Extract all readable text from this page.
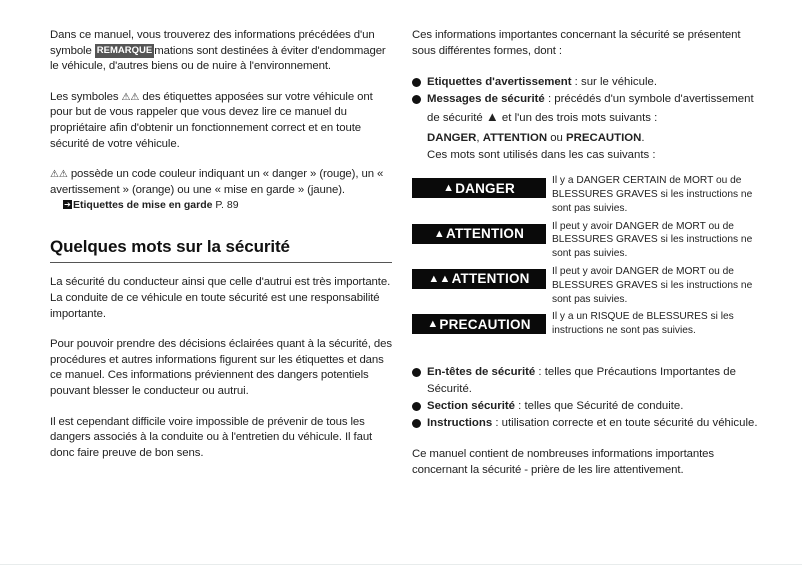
Dans ce manuel, vous trouverez des informations précédées d'un symbole REMARQUE mations sont destinées à éviter d'endommager le véhicule, d'autres biens ou de nuire à l'environnement.

Les symboles ⚠⚠ des étiquettes apposées sur votre véhicule ont pour but de vous rappeler que vous devez lire ce manuel du propriétaire afin d'obtenir un fonctionnement correct et en toute sécurité de votre véhicule.

⚠⚠ possède un code couleur indiquant un « danger » (rouge), un « avertissement » (orange) ou une « mise en garde » (jaune).

➔ Etiquettes de mise en garde P. 89
Quelques mots sur la sécurité

La sécurité du conducteur ainsi que celle d'autrui est très importante. La conduite de ce véhicule en toute sécurité est une responsabilité importante.

Pour pouvoir prendre des décisions éclairées quant à la sécurité, des procédures et autres informations figurent sur les étiquettes et dans ce manuel. Ces informations préviennent des dangers potentiels pouvant blesser le conducteur ou autrui.

Il est cependant difficile voire impossible de prévenir de tous les dangers associés à la conduite ou à l'entretien du véhicule. Il faut donc faire preuve de bon sens.

Ces informations importantes concernant la sécurité se présentent sous différentes formes, dont :

Etiquettes d'avertissement : sur le véhicule.
Messages de sécurité : précédés d'un symbole d'avertissement de sécurité ▲ et l'un des trois mots suivants :
DANGER, ATTENTION ou PRECAUTION.
Ces mots sont utilisés dans les cas suivants :
▲ DANGER	Il y a DANGER CERTAIN de MORT ou de BLESSURES GRAVES si les instructions ne sont pas suivies.
▲ ATTENTION	Il peut y avoir DANGER de MORT ou de BLESSURES GRAVES si les instructions ne sont pas suivies.
▲▲ ATTENTION Il peut y avoir DANGER de MORT ou de BLESSURES GRAVES si les instructions ne sont pas suivies.
▲ PRECAUTION Il y a un RISQUE de BLESSURES si les instructions ne sont pas suivies.
En-têtes de sécurité : telles que Précautions Importantes de Sécurité.
Section sécurité : telles que Sécurité de conduite.
Instructions : utilisation correcte et en toute sécurité du véhicule.

Ce manuel contient de nombreuses informations importantes concernant la sécurité - prière de les lire attentivement.
